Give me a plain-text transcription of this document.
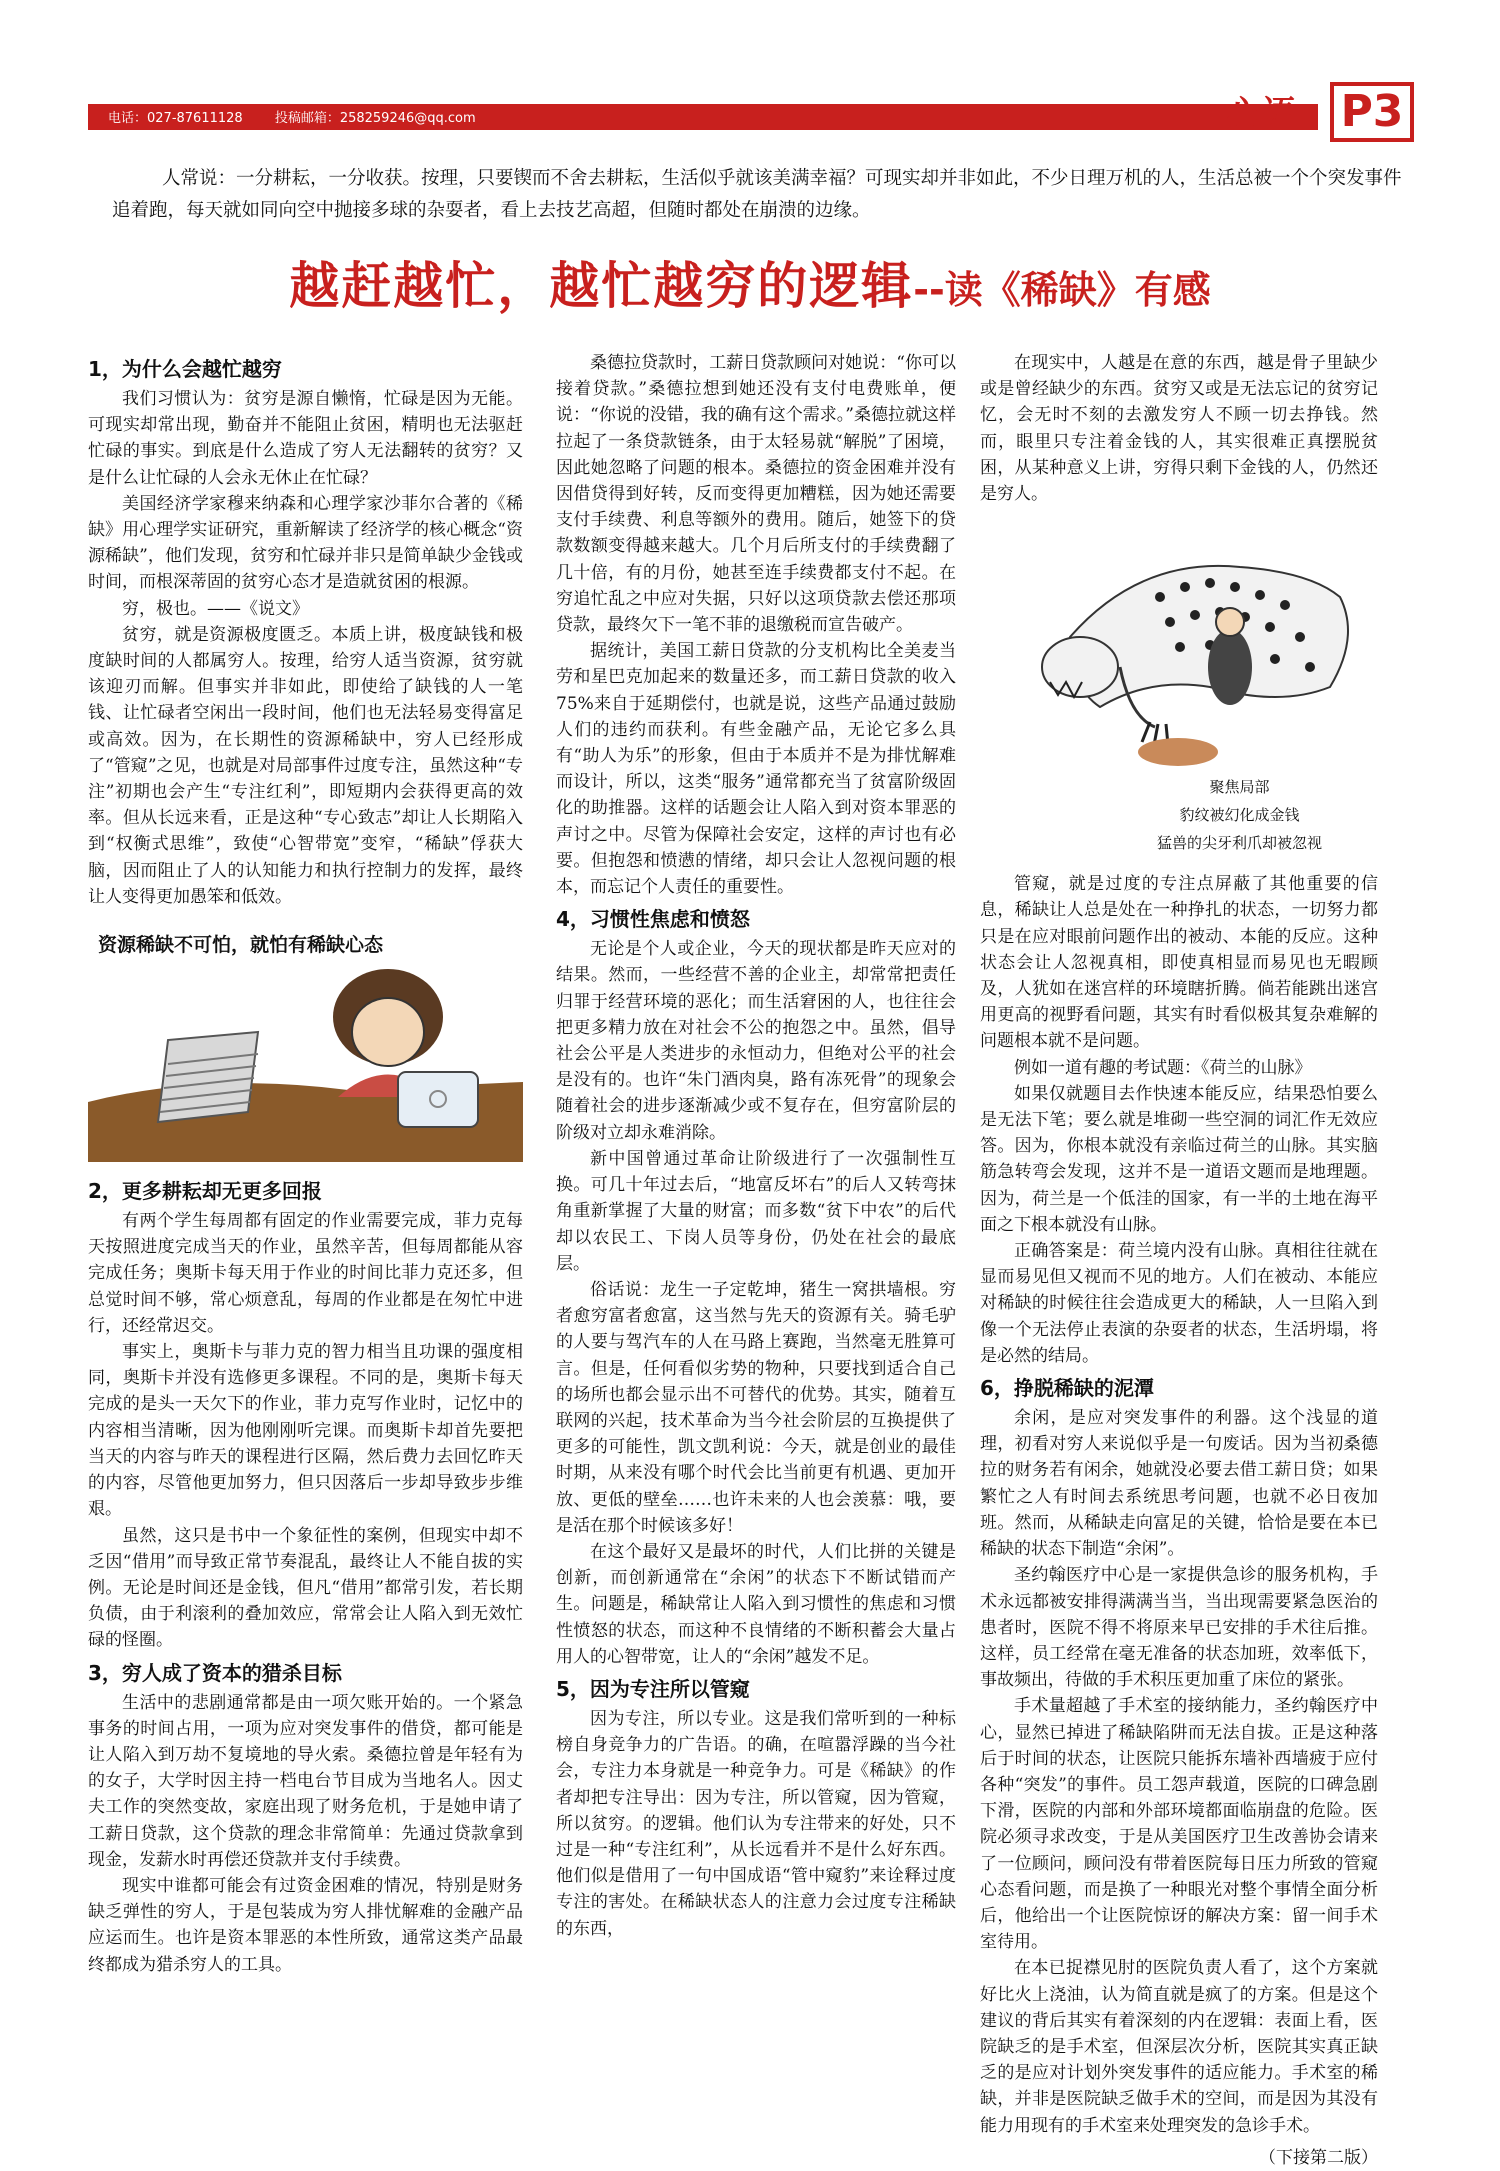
电话：027-87611128 投稿邮箱：258259246@qq.com	心语 P3

人常说：一分耕耘，一分收获。按理，只要锲而不舍去耕耘，生活似乎就该美满幸福？可现实却并非如此，不少日理万机的人，生活总被一个个突发事件追着跑，每天就如同向空中抛接多球的杂耍者，看上去技艺高超，但随时都处在崩溃的边缘。

越赶越忙，越忙越穷的逻辑--读《稀缺》有感
1，为什么会越忙越穷

我们习惯认为：贫穷是源自懒惰，忙碌是因为无能。可现实却常出现，勤奋并不能阻止贫困，精明也无法驱赶忙碌的事实。到底是什么造成了穷人无法翻转的贫穷？又是什么让忙碌的人会永无休止在忙碌？

美国经济学家穆来纳森和心理学家沙菲尔合著的《稀缺》用心理学实证研究，重新解读了经济学的核心概念“资源稀缺”，他们发现，贫穷和忙碌并非只是简单缺少金钱或时间，而根深蒂固的贫穷心态才是造就贫困的根源。

穷，极也。——《说文》

贫穷，就是资源极度匮乏。本质上讲，极度缺钱和极度缺时间的人都属穷人。按理，给穷人适当资源，贫穷就该迎刃而解。但事实并非如此，即使给了缺钱的人一笔钱、让忙碌者空闲出一段时间，他们也无法轻易变得富足或高效。因为，在长期性的资源稀缺中，穷人已经形成了“管窥”之见，也就是对局部事件过度专注，虽然这种“专注”初期也会产生“专注红利”，即短期内会获得更高的效率。但从长远来看，正是这种“专心致志”却让人长期陷入到“权衡式思维”，致使“心智带宽”变窄，“稀缺”俘获大脑，因而阻止了人的认知能力和执行控制力的发挥，最终让人变得更加愚笨和低效。

资源稀缺不可怕，就怕有稀缺心态
2，更多耕耘却无更多回报

有两个学生每周都有固定的作业需要完成，菲力克每天按照进度完成当天的作业，虽然辛苦，但每周都能从容完成任务；奥斯卡每天用于作业的时间比菲力克还多，但总觉时间不够，常心烦意乱，每周的作业都是在匆忙中进行，还经常迟交。

事实上，奥斯卡与菲力克的智力相当且功课的强度相同，奥斯卡并没有选修更多课程。不同的是，奥斯卡每天完成的是头一天欠下的作业，菲力克写作业时，记忆中的内容相当清晰，因为他刚刚听完课。而奥斯卡却首先要把当天的内容与昨天的课程进行区隔，然后费力去回忆昨天的内容，尽管他更加努力，但只因落后一步却导致步步维艰。

虽然，这只是书中一个象征性的案例，但现实中却不乏因“借用”而导致正常节奏混乱，最终让人不能自拔的实例。无论是时间还是金钱，但凡“借用”都常引发，若长期负债，由于利滚利的叠加效应，常常会让人陷入到无效忙碌的怪圈。

3，穷人成了资本的猎杀目标

生活中的悲剧通常都是由一项欠账开始的。一个紧急事务的时间占用，一项为应对突发事件的借贷，都可能是让人陷入到万劫不复境地的导火索。桑德拉曾是年轻有为的女子，大学时因主持一档电台节目成为当地名人。因丈夫工作的突然变故，家庭出现了财务危机，于是她申请了工薪日贷款，这个贷款的理念非常简单：先通过贷款拿到现金，发薪水时再偿还贷款并支付手续费。

现实中谁都可能会有过资金困难的情况，特别是财务缺乏弹性的穷人，于是包装成为穷人排忧解难的金融产品应运而生。也许是资本罪恶的本性所致，通常这类产品最终都成为猎杀穷人的工具。

桑德拉贷款时，工薪日贷款顾问对她说：“你可以接着贷款。”桑德拉想到她还没有支付电费账单，便说：“你说的没错，我的确有这个需求。”桑德拉就这样拉起了一条贷款链条，由于太轻易就“解脱”了困境，因此她忽略了问题的根本。桑德拉的资金困难并没有因借贷得到好转，反而变得更加糟糕，因为她还需要支付手续费、利息等额外的费用。随后，她签下的贷款数额变得越来越大。几个月后所支付的手续费翻了几十倍，有的月份，她甚至连手续费都支付不起。在穷追忙乱之中应对失据，只好以这项贷款去偿还那项贷款，最终欠下一笔不菲的退缴税而宣告破产。

据统计，美国工薪日贷款的分支机构比全美麦当劳和星巴克加起来的数量还多，而工薪日贷款的收入75%来自于延期偿付，也就是说，这些产品通过鼓励人们的违约而获利。有些金融产品，无论它多么具有“助人为乐”的形象，但由于本质并不是为排忧解难而设计，所以，这类“服务”通常都充当了贫富阶级固化的助推器。这样的话题会让人陷入到对资本罪恶的声讨之中。尽管为保障社会安定，这样的声讨也有必要。但抱怨和愤懑的情绪，却只会让人忽视问题的根本，而忘记个人责任的重要性。

4，习惯性焦虑和愤怒

无论是个人或企业，今天的现状都是昨天应对的结果。然而，一些经营不善的企业主，却常常把责任归罪于经营环境的恶化；而生活窘困的人，也往往会把更多精力放在对社会不公的抱怨之中。虽然，倡导社会公平是人类进步的永恒动力，但绝对公平的社会是没有的。也许“朱门酒肉臭，路有冻死骨”的现象会随着社会的进步逐渐减少或不复存在，但穷富阶层的阶级对立却永难消除。

新中国曾通过革命让阶级进行了一次强制性互换。可几十年过去后，“地富反坏右”的后人又转弯抹角重新掌握了大量的财富；而多数“贫下中农”的后代却以农民工、下岗人员等身份，仍处在社会的最底层。

俗话说：龙生一子定乾坤，猪生一窝拱墙根。穷者愈穷富者愈富，这当然与先天的资源有关。骑毛驴的人要与驾汽车的人在马路上赛跑，当然毫无胜算可言。但是，任何看似劣势的物种，只要找到适合自己的场所也都会显示出不可替代的优势。其实，随着互联网的兴起，技术革命为当今社会阶层的互换提供了更多的可能性，凯文凯利说：今天，就是创业的最佳时期，从来没有哪个时代会比当前更有机遇、更加开放、更低的壁垒……也许未来的人也会羡慕：哦，要是活在那个时候该多好！

在这个最好又是最坏的时代，人们比拼的关键是创新，而创新通常在“余闲”的状态下不断试错而产生。问题是，稀缺常让人陷入到习惯性的焦虑和习惯性愤怒的状态，而这种不良情绪的不断积蓄会大量占用人的心智带宽，让人的“余闲”越发不足。

5，因为专注所以管窥

因为专注，所以专业。这是我们常听到的一种标榜自身竞争力的广告语。的确，在喧嚣浮躁的当今社会，专注力本身就是一种竞争力。可是《稀缺》的作者却把专注导出：因为专注，所以管窥，因为管窥，所以贫穷。的逻辑。他们认为专注带来的好处，只不过是一种“专注红利”，从长远看并不是什么好东西。他们似是借用了一句中国成语“管中窥豹”来诠释过度专注的害处。在稀缺状态人的注意力会过度专注稀缺的东西，

在现实中，人越是在意的东西，越是骨子里缺少或是曾经缺少的东西。贫穷又或是无法忘记的贫穷记忆，会无时不刻的去激发穷人不顾一切去挣钱。然而，眼里只专注着金钱的人，其实很难正真摆脱贫困，从某种意义上讲，穷得只剩下金钱的人，仍然还是穷人。

聚焦局部
豹纹被幻化成金钱
猛兽的尖牙利爪却被忽视

管窥，就是过度的专注点屏蔽了其他重要的信息，稀缺让人总是处在一种挣扎的状态，一切努力都只是在应对眼前问题作出的被动、本能的反应。这种状态会让人忽视真相，即使真相显而易见也无暇顾及，人犹如在迷宫样的环境瞎折腾。倘若能跳出迷宫用更高的视野看问题，其实有时看似极其复杂难解的问题根本就不是问题。

例如一道有趣的考试题：《荷兰的山脉》

如果仅就题目去作快速本能反应，结果恐怕要么是无法下笔；要么就是堆砌一些空洞的词汇作无效应答。因为，你根本就没有亲临过荷兰的山脉。其实脑筋急转弯会发现，这并不是一道语文题而是地理题。因为，荷兰是一个低洼的国家，有一半的土地在海平面之下根本就没有山脉。

正确答案是：荷兰境内没有山脉。真相往往就在显而易见但又视而不见的地方。人们在被动、本能应对稀缺的时候往往会造成更大的稀缺，人一旦陷入到像一个无法停止表演的杂耍者的状态，生活坍塌，将是必然的结局。

6，挣脱稀缺的泥潭

余闲，是应对突发事件的利器。这个浅显的道理，初看对穷人来说似乎是一句废话。因为当初桑德拉的财务若有闲余，她就没必要去借工薪日贷；如果繁忙之人有时间去系统思考问题，也就不必日夜加班。然而，从稀缺走向富足的关键，恰恰是要在本已稀缺的状态下制造“余闲”。

圣约翰医疗中心是一家提供急诊的服务机构，手术永远都被安排得满满当当，当出现需要紧急医治的患者时，医院不得不将原来早已安排的手术往后推。这样，员工经常在毫无准备的状态加班，效率低下，事故频出，待做的手术积压更加重了床位的紧张。

手术量超越了手术室的接纳能力，圣约翰医疗中心，显然已掉进了稀缺陷阱而无法自拔。正是这种落后于时间的状态，让医院只能拆东墙补西墙疲于应付各种“突发”的事件。员工怨声载道，医院的口碑急剧下滑，医院的内部和外部环境都面临崩盘的危险。医院必须寻求改变，于是从美国医疗卫生改善协会请来了一位顾问，顾问没有带着医院每日压力所致的管窥心态看问题，而是换了一种眼光对整个事情全面分析后，他给出一个让医院惊讶的解决方案：留一间手术室待用。

在本已捉襟见肘的医院负责人看了，这个方案就好比火上浇油，认为简直就是疯了的方案。但是这个建议的背后其实有着深刻的内在逻辑：表面上看，医院缺乏的是手术室，但深层次分析，医院其实真正缺乏的是应对计划外突发事件的适应能力。手术室的稀缺，并非是医院缺乏做手术的空间，而是因为其没有能力用现有的手术室来处理突发的急诊手术。

（下接第二版）
